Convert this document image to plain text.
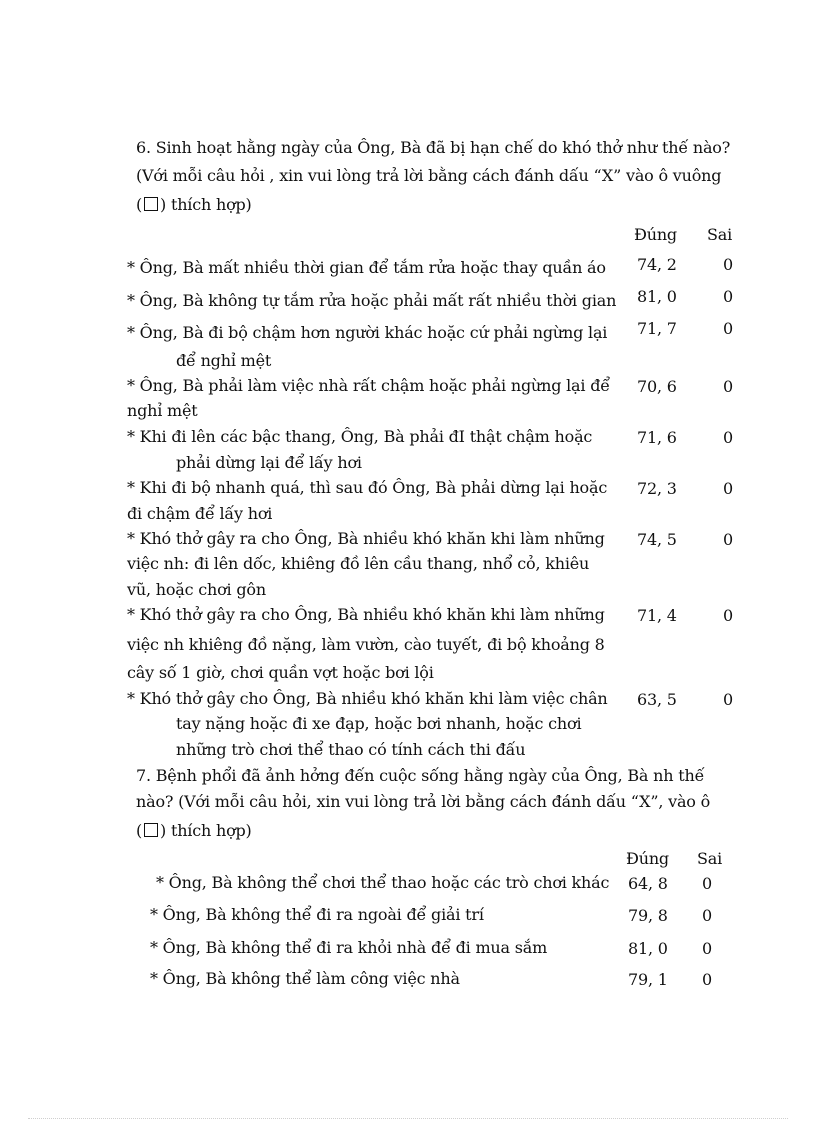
6. Sinh hoạt hằng ngày của Ông, Bà đã bị hạn chế do khó thở như thế nào?
(Với mỗi câu hỏi , xin vui lòng trả lời bằng cách đánh dấu “X” vào ô vuông
( ) thích hợp)
Đúng Sai
* Ông, Bà mất nhiều thời gian để tắm rửa hoặc thay quần áo 74, 2	0
* Ông, Bà không tự tắm rửa hoặc phải mất rất nhiều thời gian 81, 0	0
* Ông, Bà đi bộ chậm hơn người khác hoặc cứ phải ngừng lại
để nghỉ mệt
71, 7	0
* Ông, Bà phải làm việc nhà rất chậm hoặc phải ngừng lại để
nghỉ mệt
70, 6	0
* Khi đi lên các bậc thang, Ông, Bà phải đI thật chậm hoặc
phải dừng lại để lấy hơi
71, 6	0
* Khi đi bộ nhanh quá, thì sau đó Ông, Bà phải dừng lại hoặc
đi chậm để lấy hơi
72, 3	0
* Khó thở gây ra cho Ông, Bà nhiều khó khăn khi làm những
việc nh: đi lên dốc, khiêng đồ lên cầu thang, nhổ cỏ, khiêu
vũ, hoặc chơi gôn
74, 5	0
* Khó thở gây ra cho Ông, Bà nhiều khó khăn khi làm những
việc nh khiêng đồ nặng, làm vườn, cào tuyết, đi bộ khoảng 8
cây số 1 giờ, chơi quần vợt hoặc bơi lội
71, 4	0
* Khó thở gây cho Ông, Bà nhiều khó khăn khi làm việc chân
tay nặng hoặc đi xe đạp, hoặc bơi nhanh, hoặc chơi
những trò chơi thể thao có tính cách thi đấu
63, 5	0
7. Bệnh phổi đã ảnh hởng đến cuộc sống hằng ngày của Ông, Bà nh thế
nào? (Với mỗi câu hỏi, xin vui lòng trả lời bằng cách đánh dấu “X”, vào ô
( ) thích hợp)
Đúng Sai
* Ông, Bà không thể chơi thể thao hoặc các trò chơi khác 64, 8 0
* Ông, Bà không thể đi ra ngoài để giải trí	79, 8 0
* Ông, Bà không thể đi ra khỏi nhà để đi mua sắm	81, 0 0
* Ông, Bà không thể làm công việc nhà	79, 1 0
